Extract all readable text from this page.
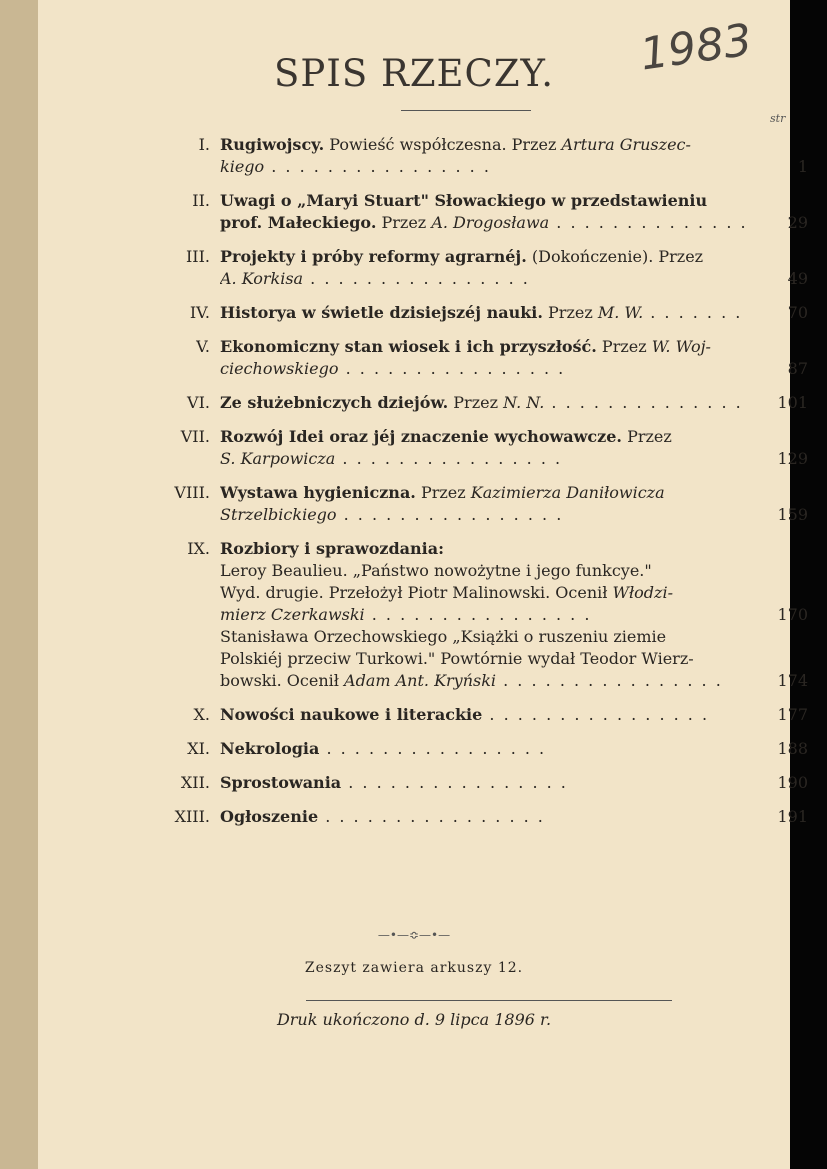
SPIS RZECZY.	1983
str
I. Rugiwojscy. Powieść współczesna. Przez Artura Gruszec-
kiego . . . . . . . . . . . . . . . .	1
II. Uwagi o „Maryi Stuart" Słowackiego w przedstawieniu
prof. Małeckiego. Przez A. Drogosława . . . . . . . . . . . . . .	29
III. Projekty i próby reformy agrarnéj. (Dokończenie). Przez
A. Korkisa . . . . . . . . . . . . . . . .	49
IV. Historya w świetle dzisiejszéj nauki. Przez M. W. . . . . . . .	70
V. Ekonomiczny stan wiosek i ich przyszłość. Przez W. Woj-
ciechowskiego . . . . . . . . . . . . . . . .	87
VI. Ze służebniczych dziejów. Przez N. N. . . . . . . . . . . . . . .	101
VII. Rozwój Idei oraz jéj znaczenie wychowawcze. Przez
S. Karpowicza . . . . . . . . . . . . . . . .	129
VIII. Wystawa hygieniczna. Przez Kazimierza Daniłowicza
Strzelbickiego . . . . . . . . . . . . . . . .	159
IX. Rozbiory i sprawozdania:
Leroy Beaulieu. „Państwo nowożytne i jego funkcye."
Wyd. drugie. Przełożył Piotr Malinowski. Ocenił Włodzi-
mierz Czerkawski . . . . . . . . . . . . . . . .	170
Stanisława Orzechowskiego „Książki o ruszeniu ziemie
Polskiéj przeciw Turkowi." Powtórnie wydał Teodor Wierz-
bowski. Ocenił Adam Ant. Kryński . . . . . . . . . . . . . . . .	174
X. Nowości naukowe i literackie . . . . . . . . . . . . . . . .	177
XI. Nekrologia . . . . . . . . . . . . . . . .	188
XII. Sprostowania . . . . . . . . . . . . . . . .	190
XIII. Ogłoszenie . . . . . . . . . . . . . . . .	191
—•—≎—•—
Zeszyt zawiera arkuszy 12.
Druk ukończono d. 9 lipca 1896 r.
